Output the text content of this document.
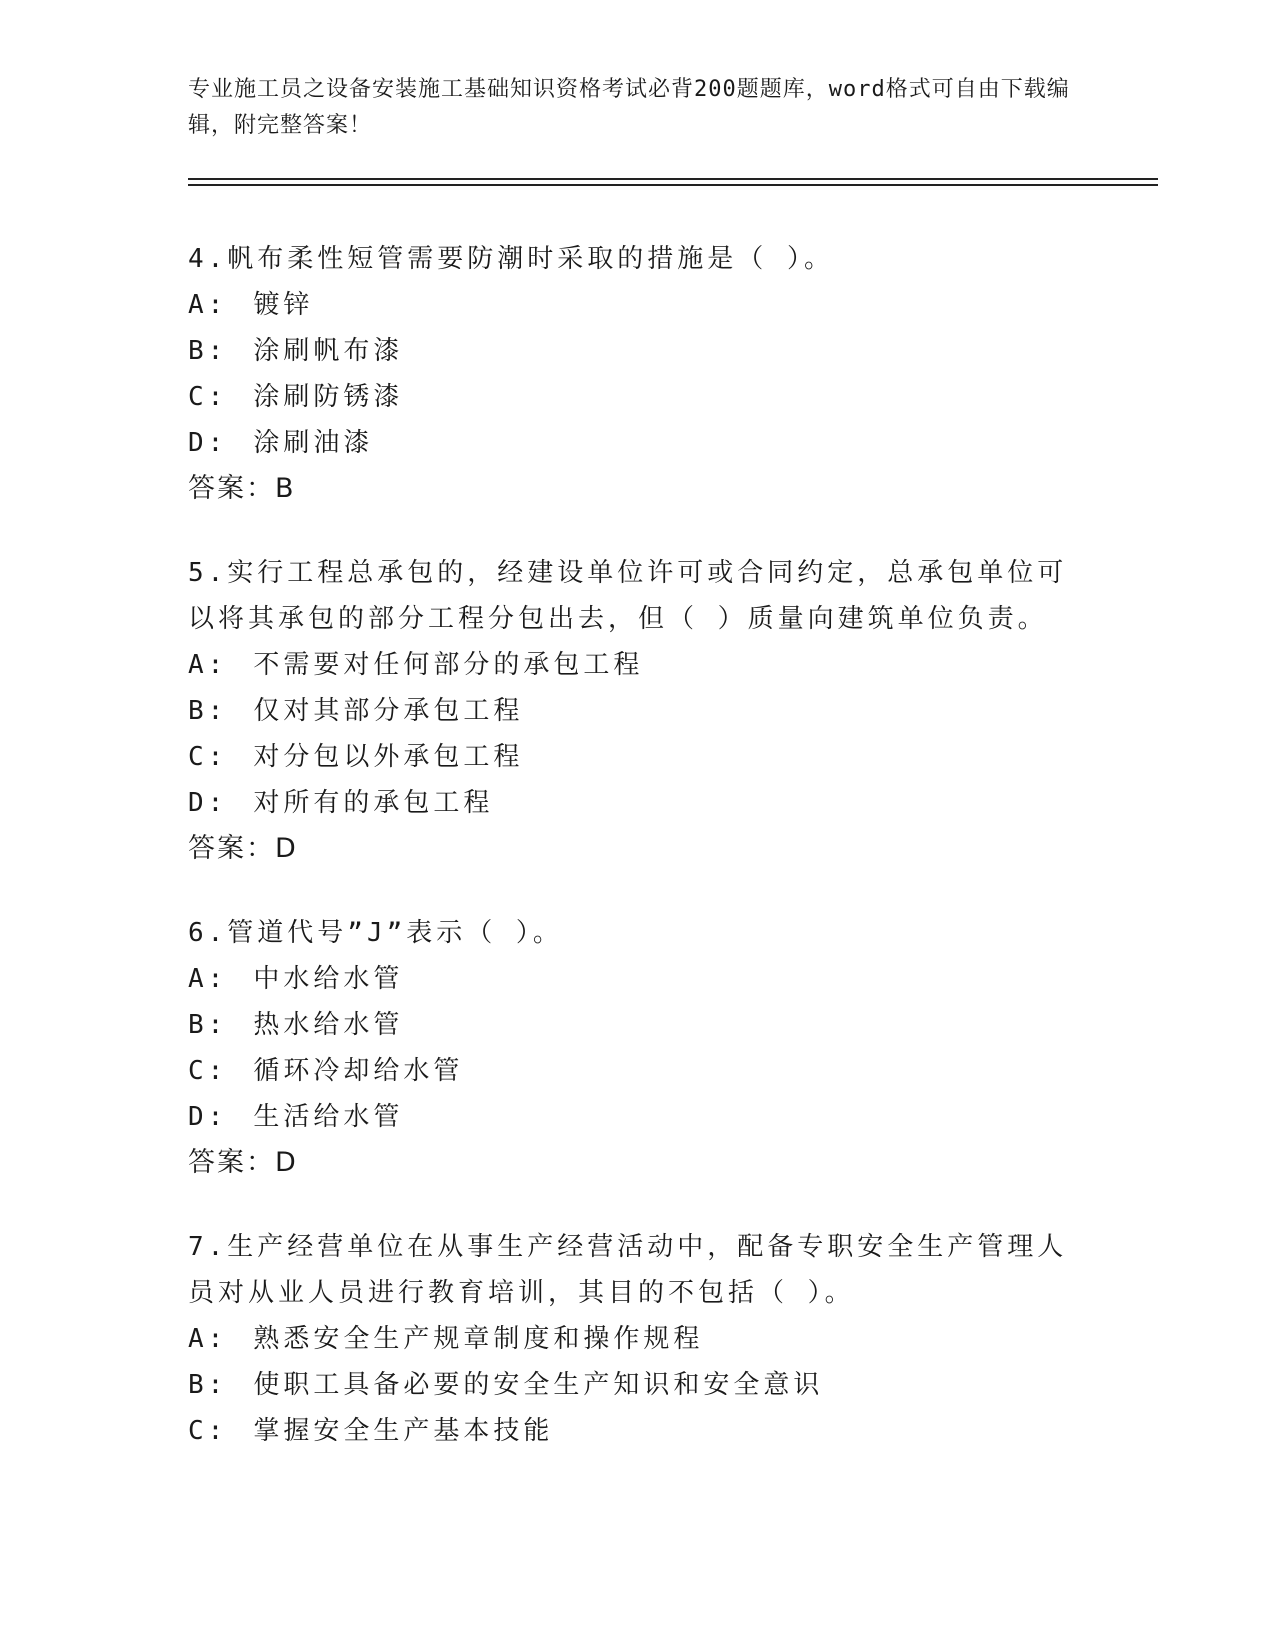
专业施工员之设备安装施工基础知识资格考试必背200题题库，word格式可自由下载编辑，附完整答案！
4.帆布柔性短管需要防潮时采取的措施是（ ）。
A: 镀锌
B: 涂刷帆布漆
C: 涂刷防锈漆
D: 涂刷油漆
答案：B
5.实行工程总承包的，经建设单位许可或合同约定，总承包单位可以将其承包的部分工程分包出去，但（ ）质量向建筑单位负责。
A: 不需要对任何部分的承包工程
B: 仅对其部分承包工程
C: 对分包以外承包工程
D: 对所有的承包工程
答案：D
6.管道代号”J”表示（ ）。
A: 中水给水管
B: 热水给水管
C: 循环冷却给水管
D: 生活给水管
答案：D
7.生产经营单位在从事生产经营活动中，配备专职安全生产管理人员对从业人员进行教育培训，其目的不包括（ ）。
A: 熟悉安全生产规章制度和操作规程
B: 使职工具备必要的安全生产知识和安全意识
C: 掌握安全生产基本技能
